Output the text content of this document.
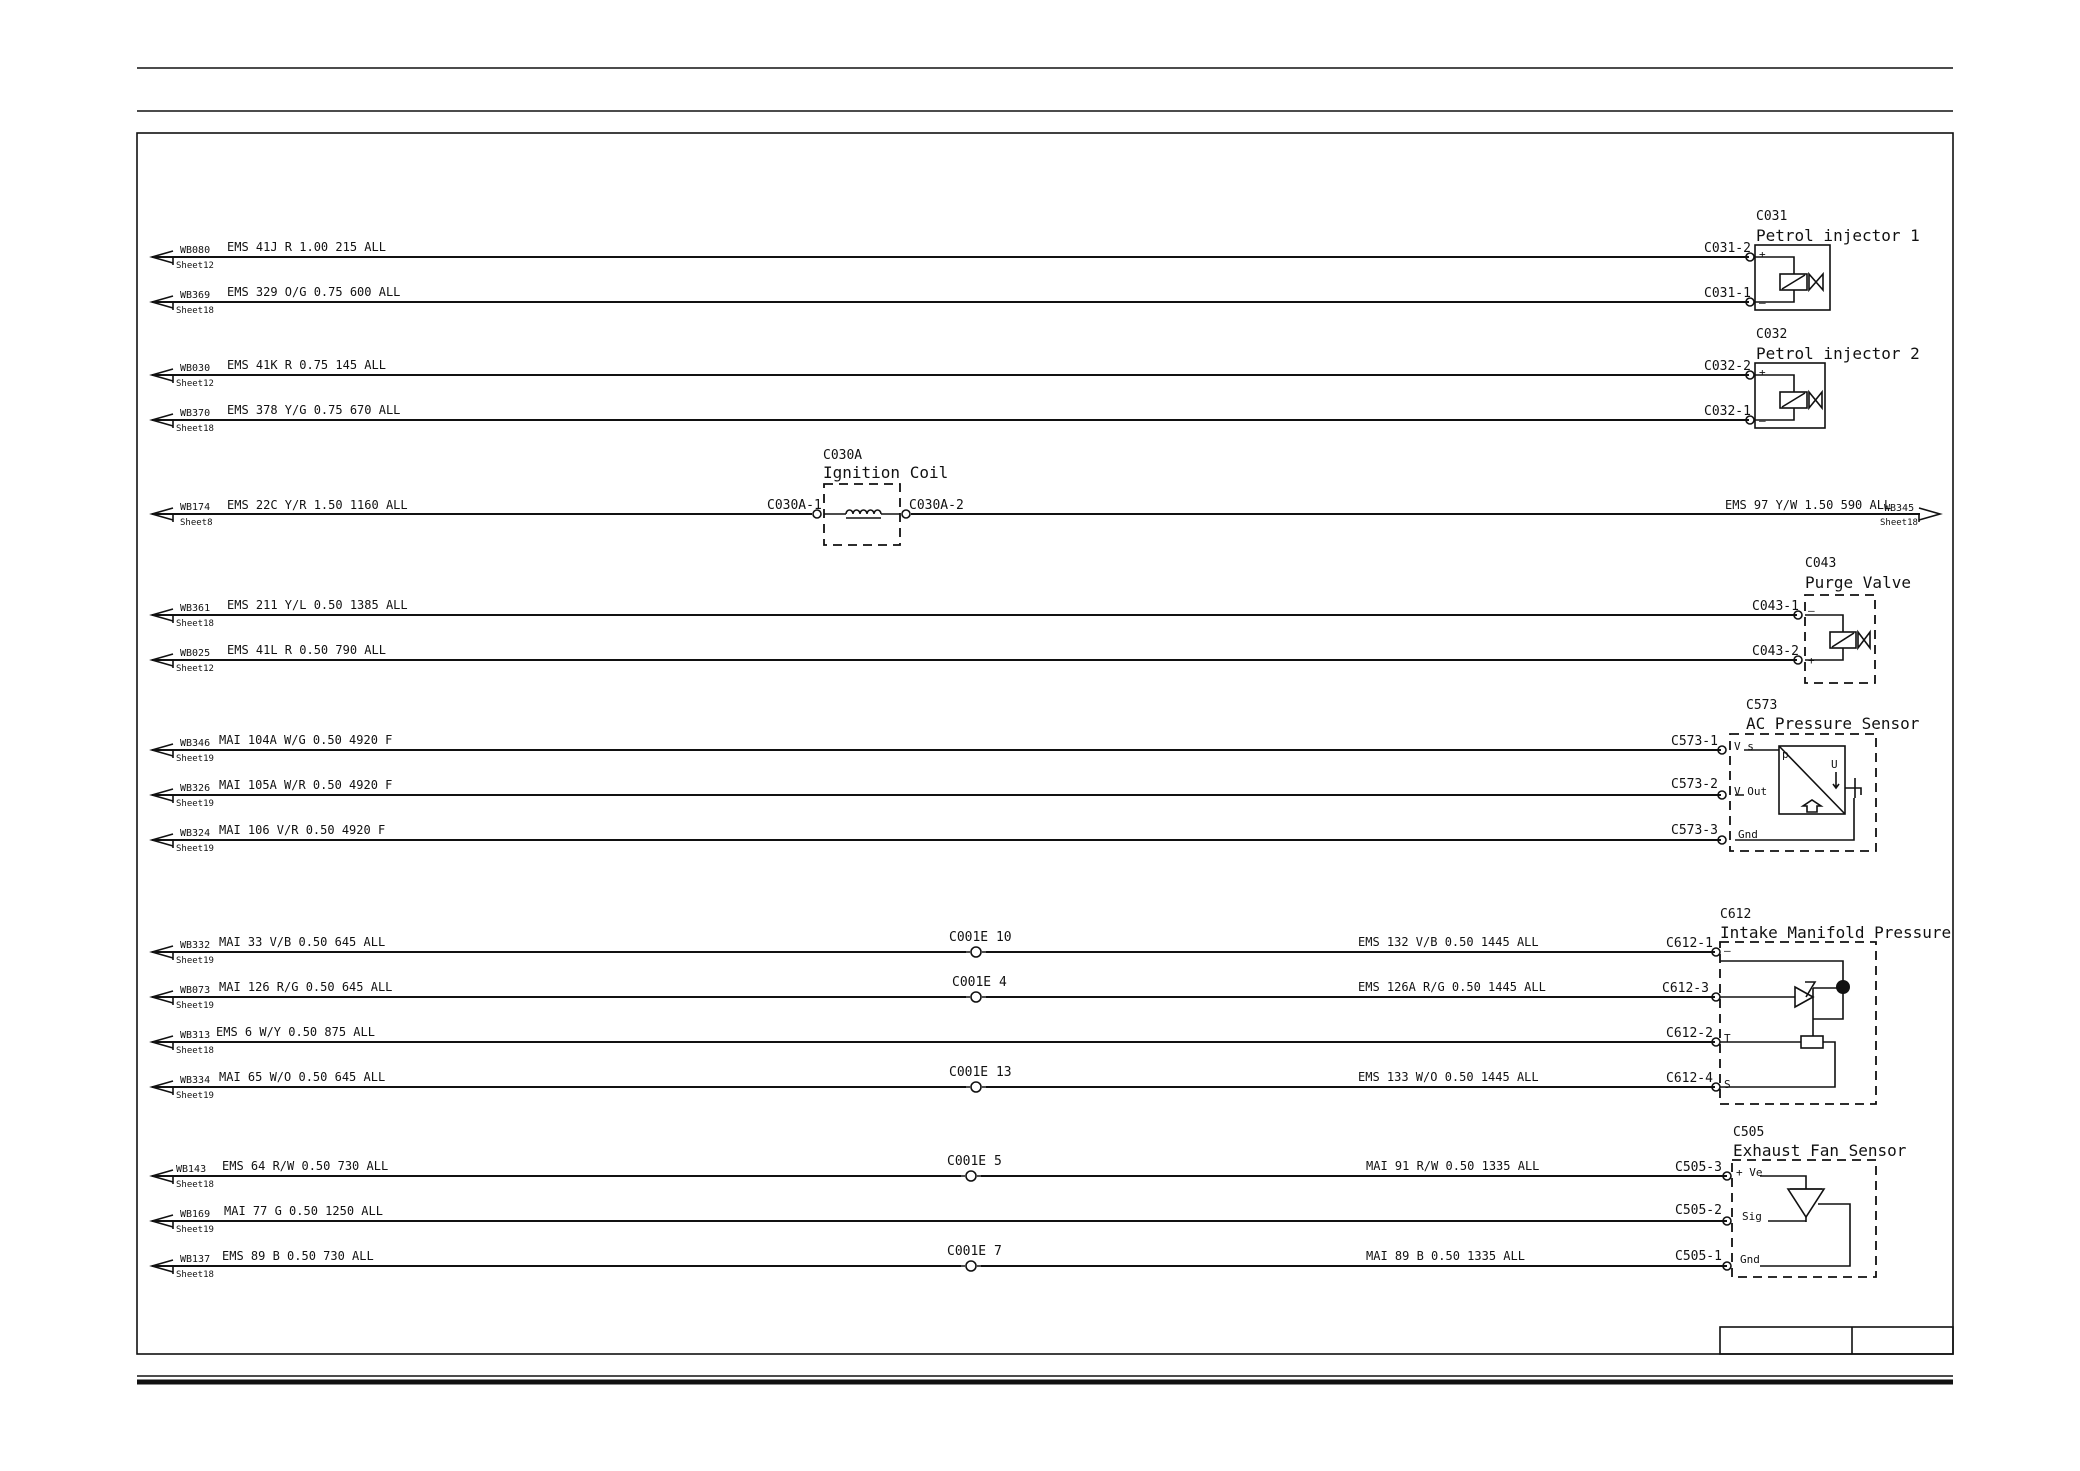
WB080
Sheet12
EMS 41J R 1.00 215 ALL
WB369
Sheet18
EMS 329 O/G 0.75 600 ALL
WB030
Sheet12
EMS 41K R 0.75 145 ALL
WB370
Sheet18
EMS 378 Y/G 0.75 670 ALL
WB174
Sheet8
EMS 22C Y/R 1.50 1160 ALL	EMS 97 Y/W 1.50 590 ALL
WB345
Sheet18
WB361
Sheet18
EMS 211 Y/L 0.50 1385 ALL
WB025
Sheet12
EMS 41L R 0.50 790 ALL
WB346
Sheet19
MAI 104A W/G 0.50 4920 F
WB326
Sheet19
MAI 105A W/R 0.50 4920 F
WB324
Sheet19
MAI 106 V/R 0.50 4920 F
WB332
Sheet19
MAI 33 V/B 0.50 645 ALL	C001E 10	EMS 132 V/B 0.50 1445 ALL
WB073
Sheet19
MAI 126 R/G 0.50 645 ALL	C001E 4	EMS 126A R/G 0.50 1445 ALL
WB313
Sheet18
EMS 6 W/Y 0.50 875 ALL
WB334
Sheet19
MAI 65 W/O 0.50 645 ALL	C001E 13	EMS 133 W/O 0.50 1445 ALL
WB143
Sheet18
EMS 64 R/W 0.50 730 ALL	C001E 5	MAI 91 R/W 0.50 1335 ALL
WB169
Sheet19
MAI 77 G 0.50 1250 ALL
WB137
Sheet18
EMS 89 B 0.50 730 ALL	C001E 7	MAI 89 B 0.50 1335 ALL
C031
Petrol injector 1
C031-2
C031-1
+
–
C032
Petrol injector 2
C032-2
C032-1
+
–
C030A
Ignition Coil
C030A-1	C030A-2
C043
Purge Valve
C043-1
C043-2
–
+
C573
AC Pressure Sensor
C573-1
C573-2
C573-3
V s
V Out
Gnd
p
U
C612
Intake Manifold Pressure
C612-1
C612-3
C612-2
C612-4
–
T
S
C505
Exhaust Fan Sensor
C505-3
C505-2
C505-1
+ Ve
Sig
Gnd
